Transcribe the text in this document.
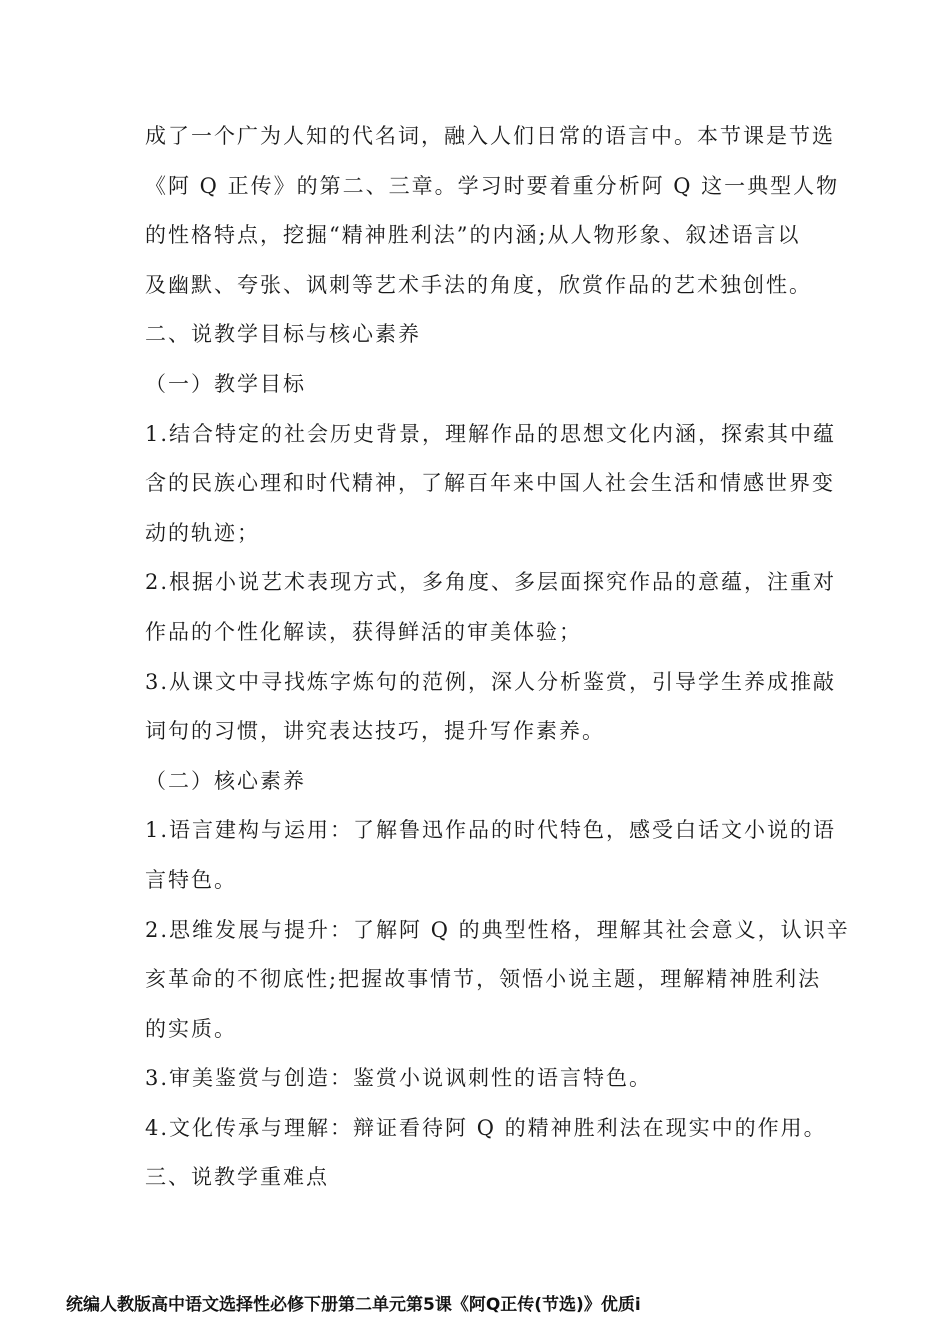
成了一个广为人知的代名词，融入人们日常的语言中。本节课是节选
《阿 Q 正传》的第二、三章。学习时要着重分析阿 Q 这一典型人物
的性格特点，挖掘“精神胜利法”的内涵;从人物形象、叙述语言以
及幽默、夸张、讽刺等艺术手法的角度，欣赏作品的艺术独创性。
二、说教学目标与核心素养
（一）教学目标
1.结合特定的社会历史背景，理解作品的思想文化内涵，探索其中蕴
含的民族心理和时代精神，了解百年来中国人社会生活和情感世界变
动的轨迹；
2.根据小说艺术表现方式，多角度、多层面探究作品的意蕴，注重对
作品的个性化解读，获得鲜活的审美体验；
3.从课文中寻找炼字炼句的范例，深人分析鉴赏，引导学生养成推敲
词句的习惯，讲究表达技巧，提升写作素养。
（二）核心素养
1.语言建构与运用：了解鲁迅作品的时代特色，感受白话文小说的语
言特色。
2.思维发展与提升：了解阿 Q 的典型性格，理解其社会意义，认识辛
亥革命的不彻底性;把握故事情节，领悟小说主题，理解精神胜利法
的实质。
3.审美鉴赏与创造：鉴赏小说讽刺性的语言特色。
4.文化传承与理解：辩证看待阿 Q 的精神胜利法在现实中的作用。
三、说教学重难点
统编人教版高中语文选择性必修下册第二单元第5课《阿Q正传(节选)》优质i
